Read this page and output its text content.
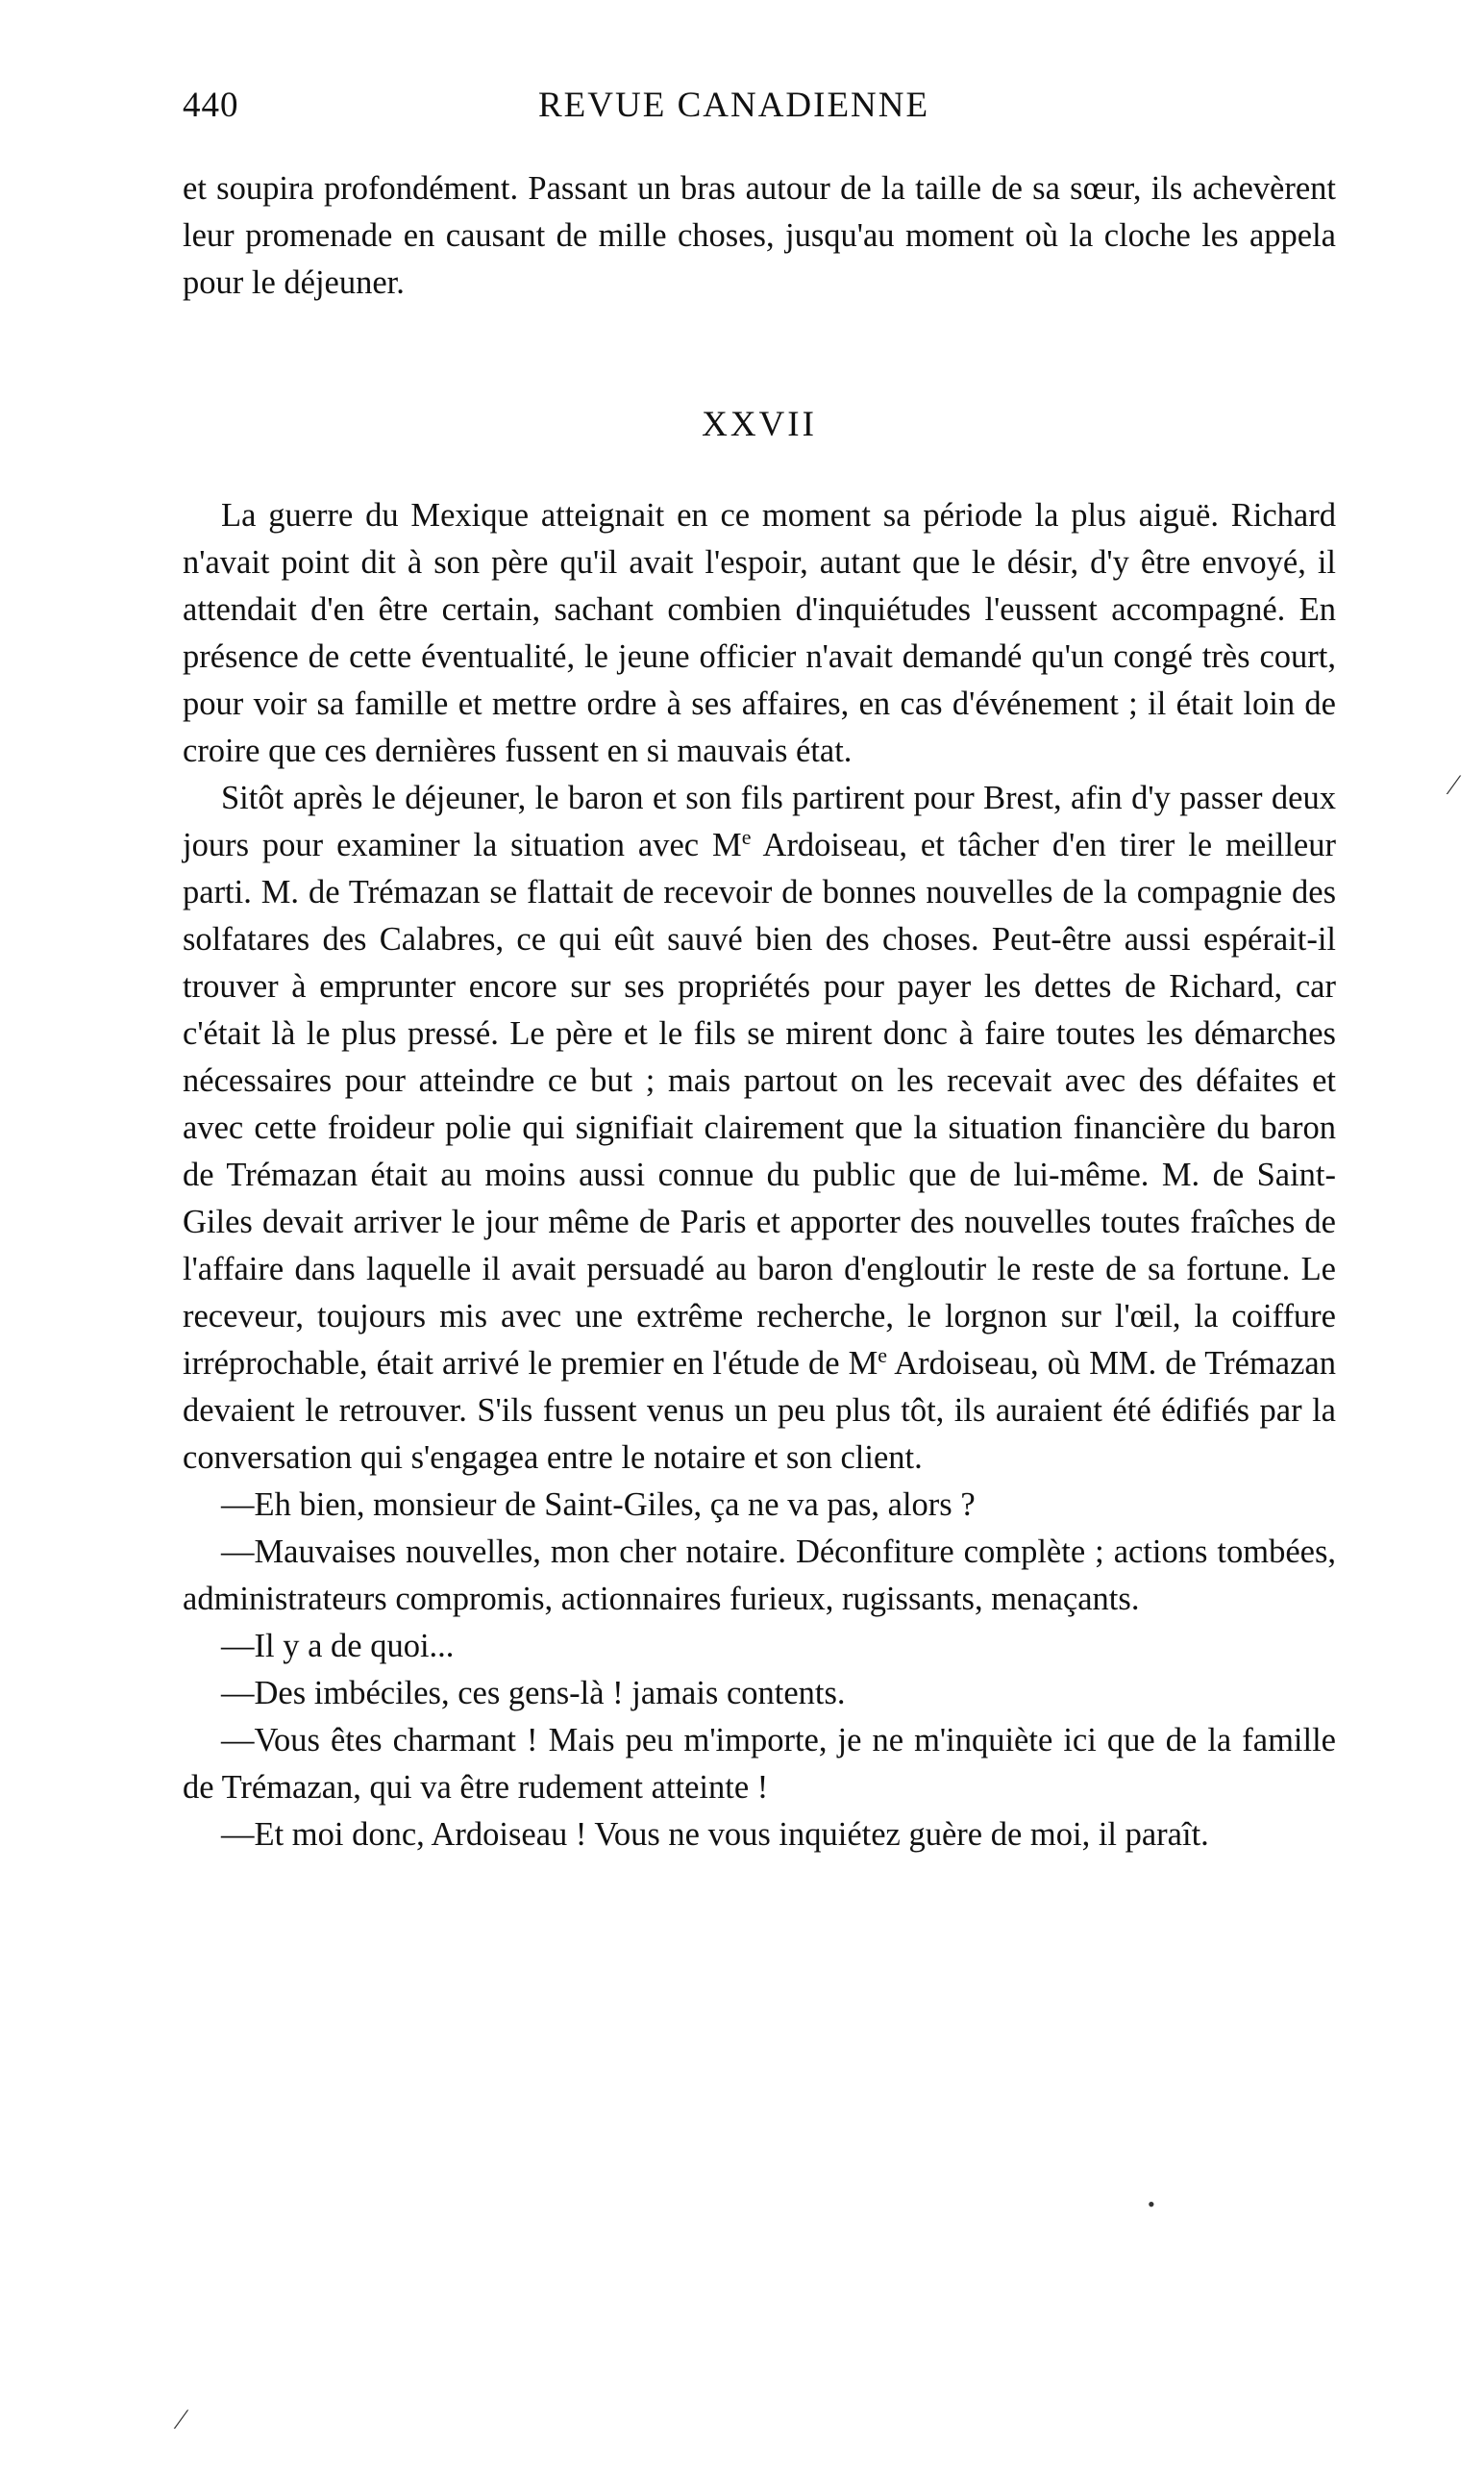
440	REVUE CANADIENNE

et soupira profondément. Passant un bras autour de la taille de sa sœur, ils achevèrent leur promenade en causant de mille choses, jusqu'au moment où la cloche les appela pour le déjeuner.

XXVII

La guerre du Mexique atteignait en ce moment sa période la plus aiguë. Richard n'avait point dit à son père qu'il avait l'espoir, autant que le désir, d'y être envoyé, il attendait d'en être certain, sachant combien d'inquiétudes l'eussent accompagné. En présence de cette éventualité, le jeune officier n'avait demandé qu'un congé très court, pour voir sa famille et mettre ordre à ses affaires, en cas d'événement ; il était loin de croire que ces dernières fussent en si mauvais état.

Sitôt après le déjeuner, le baron et son fils partirent pour Brest, afin d'y passer deux jours pour examiner la situation avec Me Ardoiseau, et tâcher d'en tirer le meilleur parti. M. de Trémazan se flattait de recevoir de bonnes nouvelles de la compagnie des solfatares des Calabres, ce qui eût sauvé bien des choses. Peut-être aussi espérait-il trouver à emprunter encore sur ses propriétés pour payer les dettes de Richard, car c'était là le plus pressé. Le père et le fils se mirent donc à faire toutes les démarches nécessaires pour atteindre ce but ; mais partout on les recevait avec des défaites et avec cette froideur polie qui signifiait clairement que la situation financière du baron de Trémazan était au moins aussi connue du public que de lui-même. M. de Saint-Giles devait arriver le jour même de Paris et apporter des nouvelles toutes fraîches de l'affaire dans laquelle il avait persuadé au baron d'engloutir le reste de sa fortune. Le receveur, toujours mis avec une extrême recherche, le lorgnon sur l'œil, la coiffure irréprochable, était arrivé le premier en l'étude de Me Ardoiseau, où MM. de Trémazan devaient le retrouver. S'ils fussent venus un peu plus tôt, ils auraient été édifiés par la conversation qui s'engagea entre le notaire et son client.

—Eh bien, monsieur de Saint-Giles, ça ne va pas, alors ?

—Mauvaises nouvelles, mon cher notaire. Déconfiture complète ; actions tombées, administrateurs compromis, actionnaires furieux, rugissants, menaçants.

—Il y a de quoi...

—Des imbéciles, ces gens-là ! jamais contents.

—Vous êtes charmant ! Mais peu m'importe, je ne m'inquiète ici que de la famille de Trémazan, qui va être rudement atteinte !

—Et moi donc, Ardoiseau ! Vous ne vous inquiétez guère de moi, il paraît.

⁄
•
⁄
